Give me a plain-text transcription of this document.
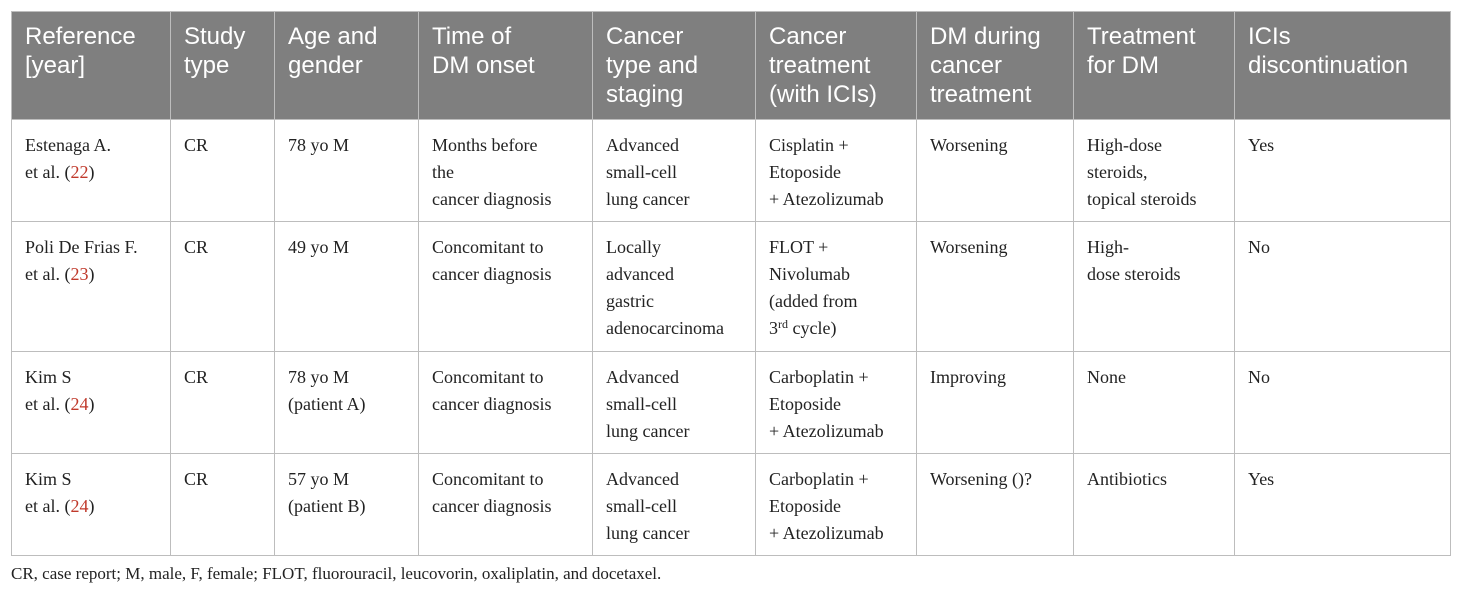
Reference
[year]	Study
type	Age and
gender	Time of
DM onset	Cancer
type and
staging	Cancer
treatment
(with ICIs)	DM during
cancer
treatment	Treatment
for DM	ICIs
discontinuation

Estenaga A.
et al. (22)	CR	78 yo M	Months before
the
cancer diagnosis	Advanced
small-cell
lung cancer	Cisplatin +
Etoposide
+ Atezolizumab	Worsening	High-dose
steroids,
topical steroids	Yes

Poli De Frias F.
et al. (23)	CR	49 yo M	Concomitant to
cancer diagnosis	Locally
advanced
gastric
adenocarcinoma	FLOT +
Nivolumab
(added from
3rd cycle)	Worsening	High-
dose steroids	No

Kim S
et al. (24)	CR	78 yo M
(patient A)	Concomitant to
cancer diagnosis	Advanced
small-cell
lung cancer	Carboplatin +
Etoposide
+ Atezolizumab	Improving	None	No

Kim S
et al. (24)	CR	57 yo M
(patient B)	Concomitant to
cancer diagnosis	Advanced
small-cell
lung cancer	Carboplatin +
Etoposide
+ Atezolizumab	Worsening ()?	Antibiotics	Yes
CR, case report; M, male, F, female; FLOT, fluorouracil, leucovorin, oxaliplatin, and docetaxel.
